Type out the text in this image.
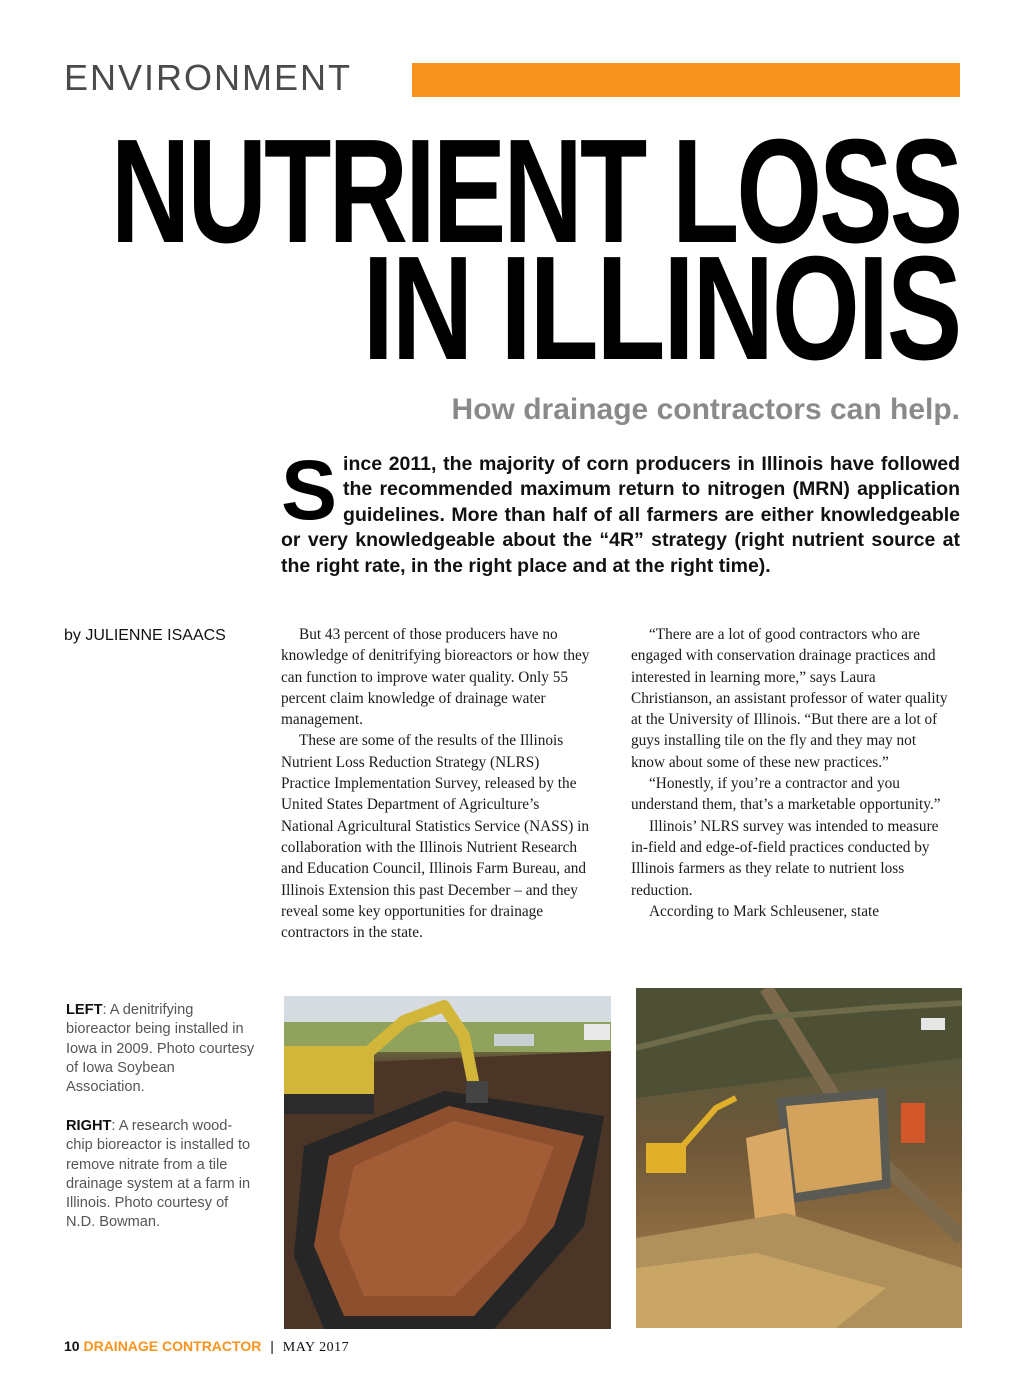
ENVIRONMENT
NUTRIENT LOSS
IN ILLINOIS
How drainage contractors can help.
Since 2011, the majority of corn producers in Illinois have followed the recommended maximum return to nitrogen (MRN) application guidelines. More than half of all farmers are either knowledgeable or very knowledgeable about the “4R” strategy (right nutrient source at the right rate, in the right place and at the right time).
by JULIENNE ISAACS	But 43 percent of those producers have no knowledge of denitrifying bioreactors or how they can function to improve water quality. Only 55 percent claim knowledge of drainage water management.

These are some of the results of the Illinois Nutrient Loss Reduction Strategy (NLRS) Practice Implementation Survey, released by the United States Department of Agriculture’s National Agricultural Statistics Service (NASS) in collaboration with the Illinois Nutrient Research and Education Council, Illinois Farm Bureau, and Illinois Extension this past December – and they reveal some key opportunities for drainage contractors in the state.

“There are a lot of good contractors who are engaged with conservation drainage practices and interested in learning more,” says Laura Christianson, an assistant professor of water quality at the University of Illinois. “But there are a lot of guys installing tile on the fly and they may not know about some of these new practices.”

“Honestly, if you’re a contractor and you understand them, that’s a marketable opportunity.”

Illinois’ NLRS survey was intended to measure in-field and edge-of-field practices conducted by Illinois farmers as they relate to nutrient loss reduction.

According to Mark Schleusener, state

LEFT: A denitrifying bioreactor being installed in Iowa in 2009. Photo courtesy of Iowa Soybean Association.
RIGHT: A research wood-chip bioreactor is installed to remove nitrate from a tile drainage system at a farm in Illinois. Photo courtesy of N.D. Bowman.
10 DRAINAGE CONTRACTOR | MAY 2017
